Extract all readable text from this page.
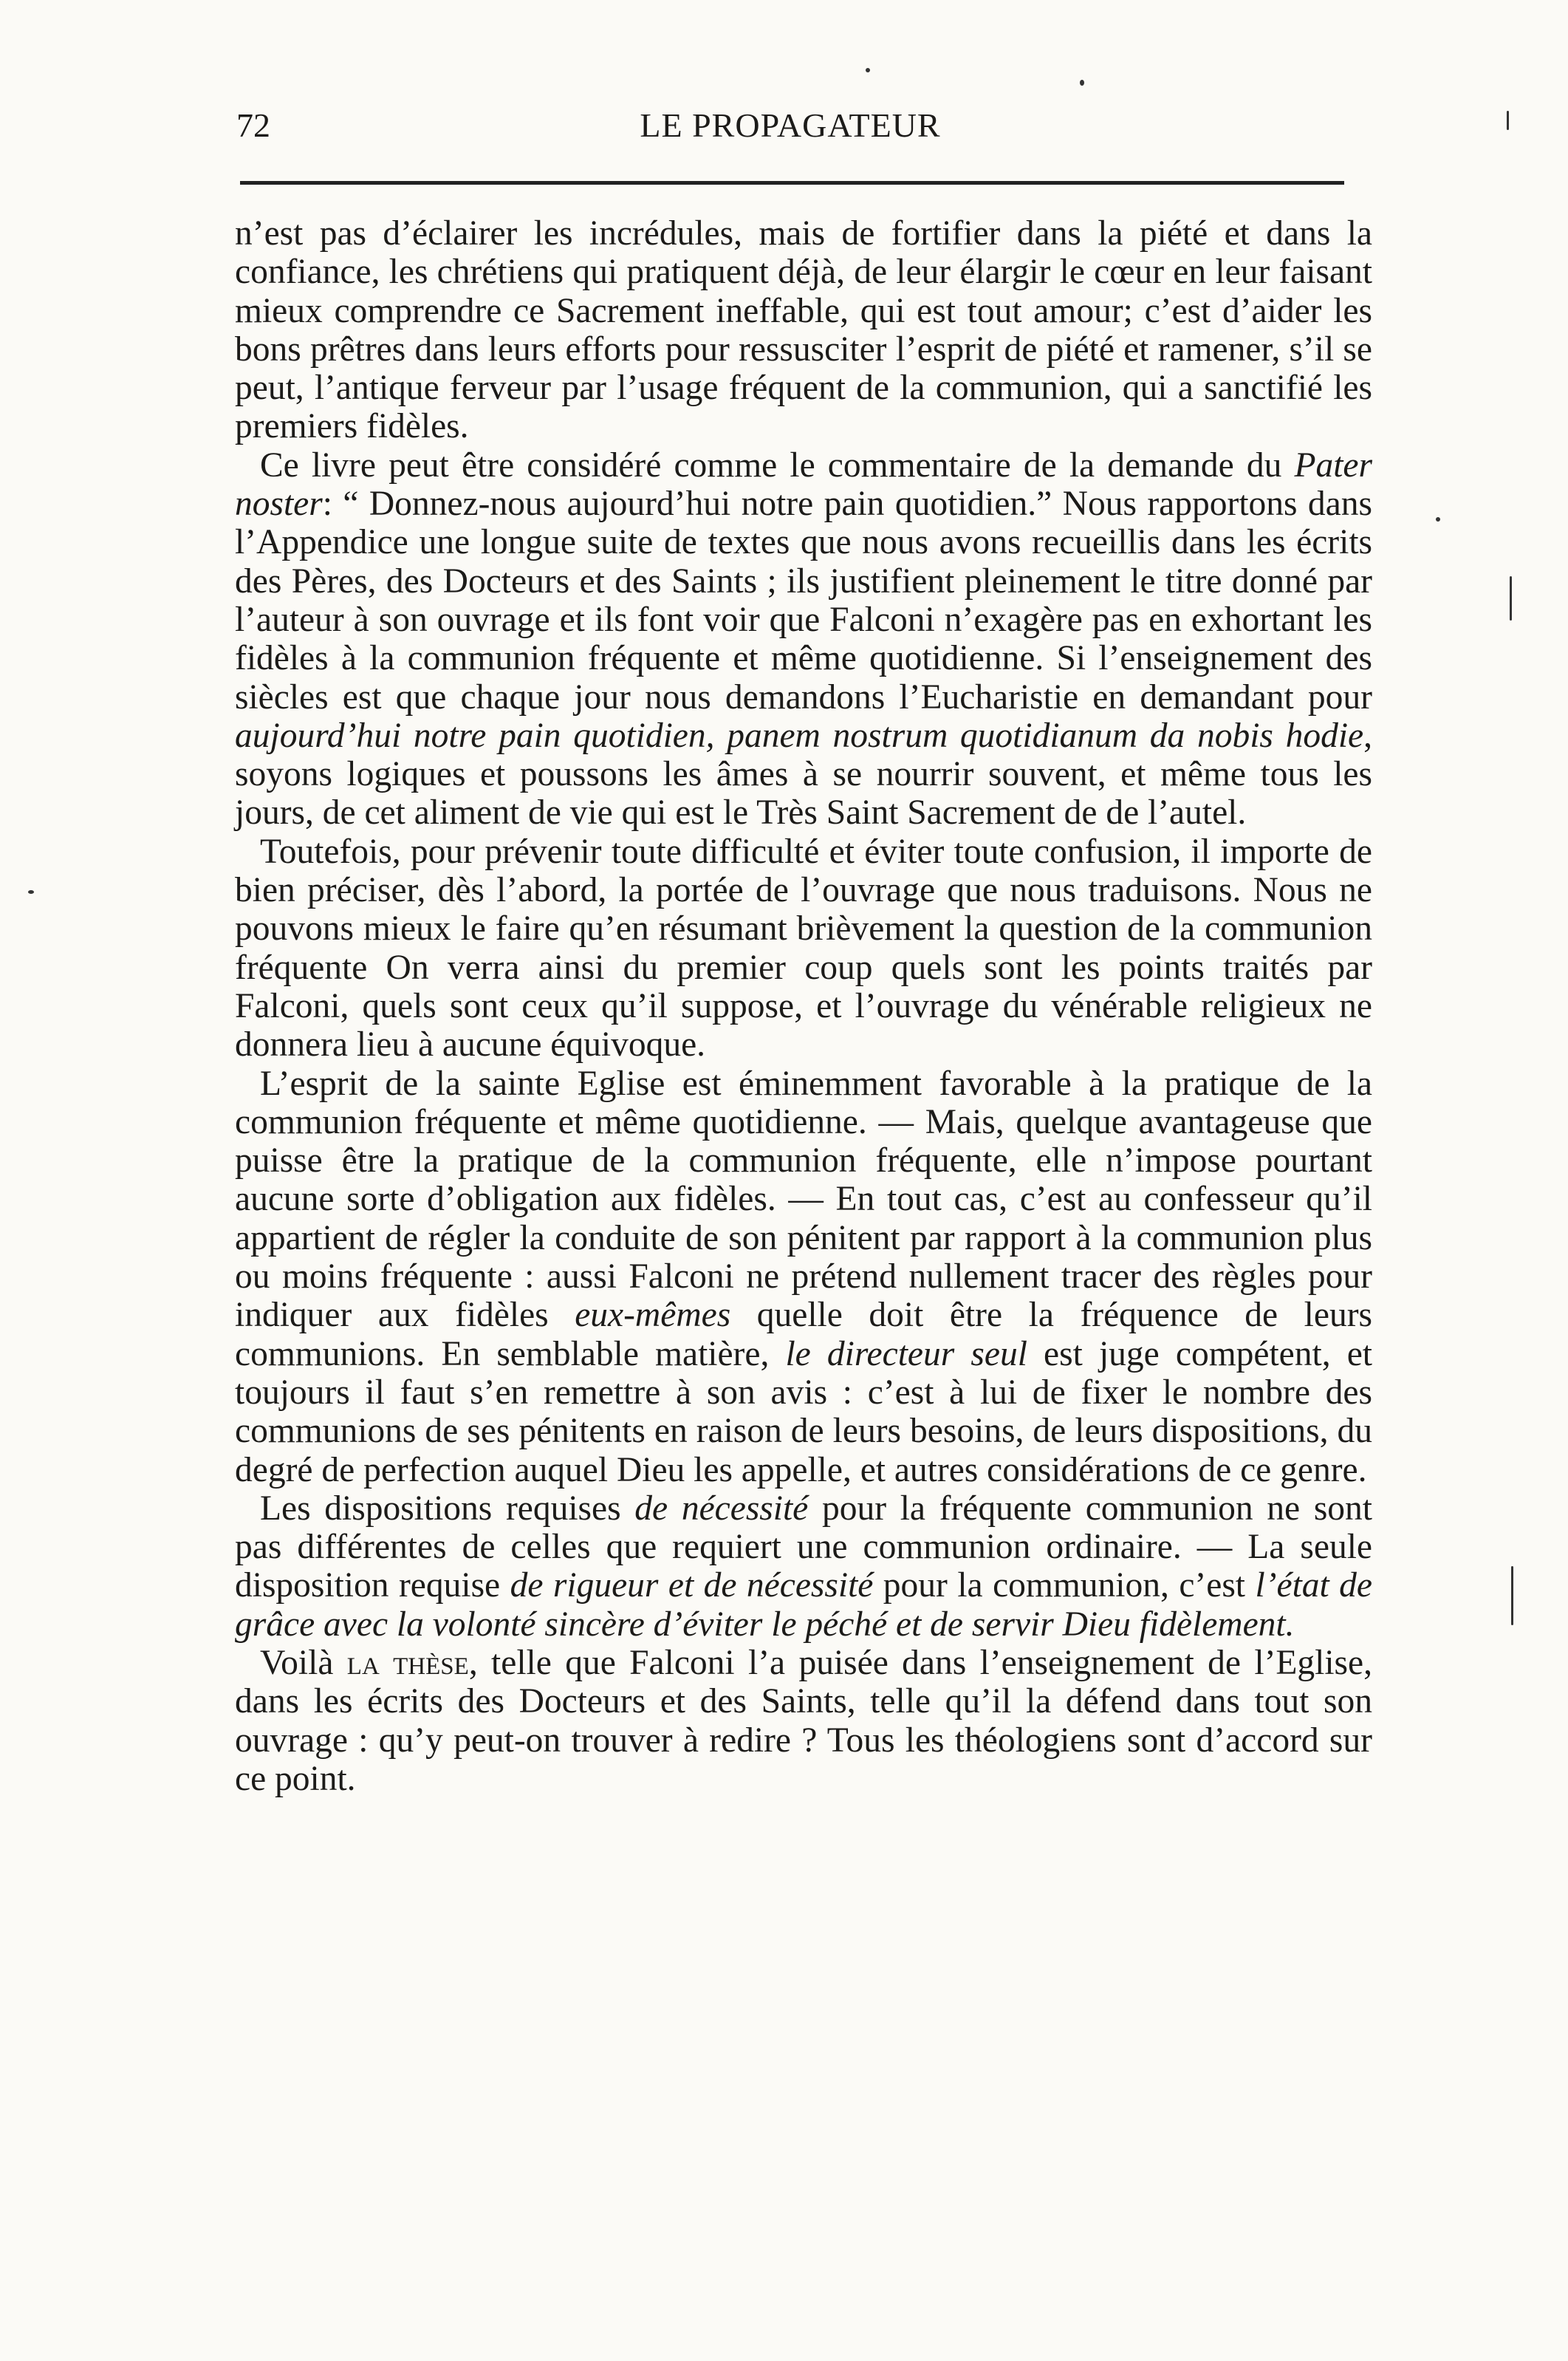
72	LE PROPAGATEUR

n’est pas d’éclairer les incrédules, mais de fortifier dans la piété et dans la confiance, les chrétiens qui pratiquent déjà, de leur élargir le cœur en leur faisant mieux comprendre ce Sacrement ineffable, qui est tout amour; c’est d’aider les bons prêtres dans leurs efforts pour ressusciter l’esprit de piété et ramener, s’il se peut, l’antique ferveur par l’usage fréquent de la communion, qui a sanctifié les premiers fidèles.

Ce livre peut être considéré comme le commentaire de la demande du Pater noster: “ Donnez-nous aujourd’hui notre pain quotidien.” Nous rapportons dans l’Appendice une longue suite de textes que nous avons recueillis dans les écrits des Pères, des Docteurs et des Saints ; ils justifient pleinement le titre donné par l’auteur à son ouvrage et ils font voir que Falconi n’exagère pas en exhortant les fidèles à la communion fréquente et même quotidienne. Si l’enseignement des siècles est que chaque jour nous demandons l’Eucharistie en demandant pour aujourd’hui notre pain quotidien, panem nostrum quotidianum da nobis hodie, soyons logiques et poussons les âmes à se nourrir souvent, et même tous les jours, de cet aliment de vie qui est le Très Saint Sacrement de de l’autel.

Toutefois, pour prévenir toute difficulté et éviter toute confusion, il importe de bien préciser, dès l’abord, la portée de l’ouvrage que nous traduisons. Nous ne pouvons mieux le faire qu’en résumant brièvement la question de la communion fréquente On verra ainsi du premier coup quels sont les points traités par Falconi, quels sont ceux qu’il suppose, et l’ouvrage du vénérable religieux ne donnera lieu à aucune équivoque.

L’esprit de la sainte Eglise est éminemment favorable à la pratique de la communion fréquente et même quotidienne. — Mais, quelque avantageuse que puisse être la pratique de la communion fréquente, elle n’impose pourtant aucune sorte d’obligation aux fidèles. — En tout cas, c’est au confesseur qu’il appartient de régler la conduite de son pénitent par rapport à la communion plus ou moins fréquente : aussi Falconi ne prétend nullement tracer des règles pour indiquer aux fidèles eux-mêmes quelle doit être la fréquence de leurs communions. En semblable matière, le directeur seul est juge compétent, et toujours il faut s’en remettre à son avis : c’est à lui de fixer le nombre des communions de ses pénitents en raison de leurs besoins, de leurs dispositions, du degré de perfection auquel Dieu les appelle, et autres considérations de ce genre.

Les dispositions requises de nécessité pour la fréquente communion ne sont pas différentes de celles que requiert une communion ordinaire. — La seule disposition requise de rigueur et de nécessité pour la communion, c’est l’état de grâce avec la volonté sincère d’éviter le péché et de servir Dieu fidèlement.

Voilà la thèse, telle que Falconi l’a puisée dans l’enseignement de l’Eglise, dans les écrits des Docteurs et des Saints, telle qu’il la défend dans tout son ouvrage : qu’y peut-on trouver à redire ? Tous les théologiens sont d’accord sur ce point.
